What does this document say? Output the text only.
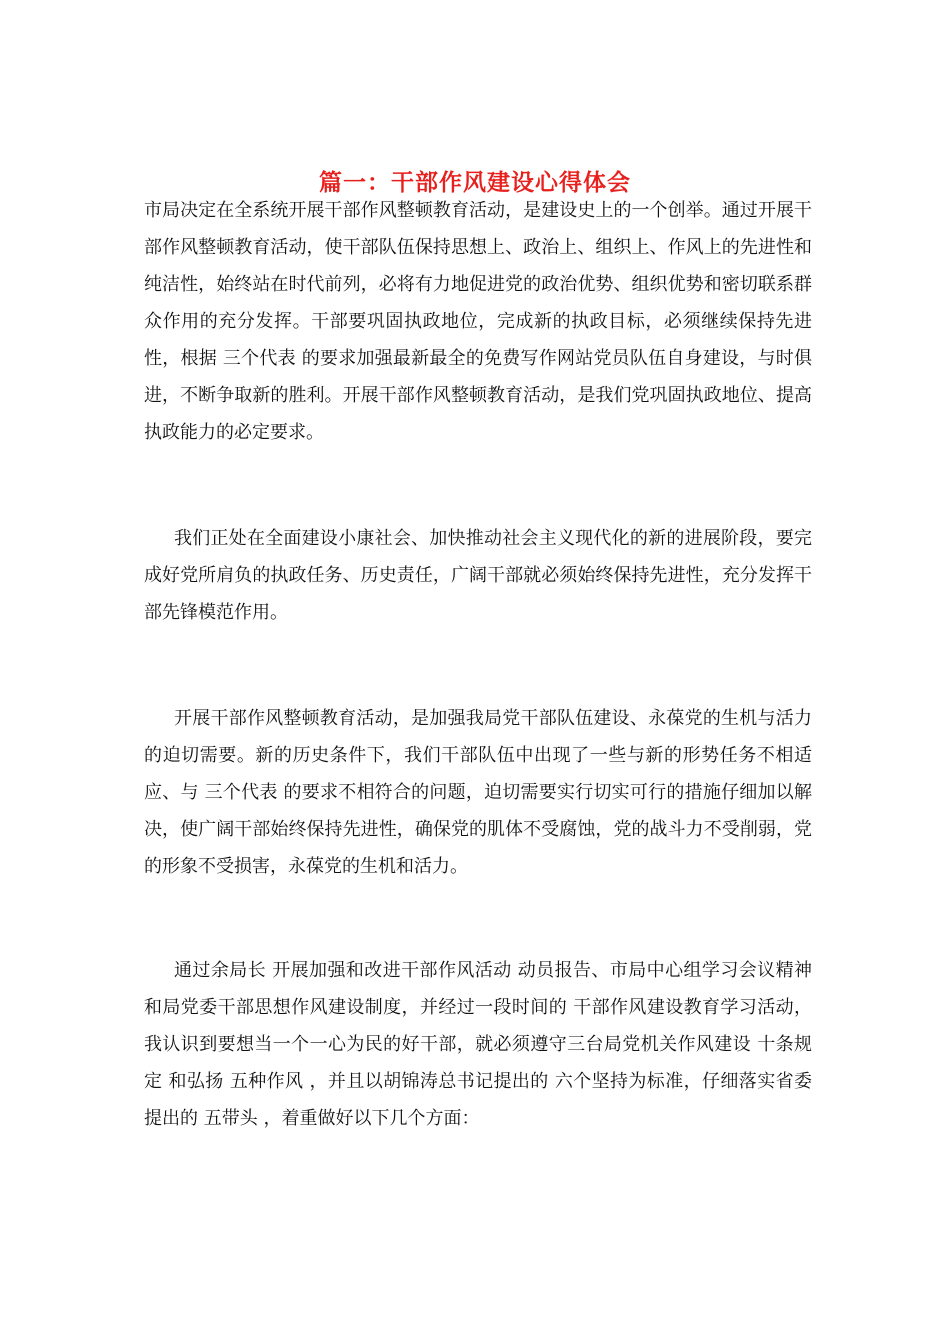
篇一：干部作风建设心得体会

市局决定在全系统开展干部作风整顿教育活动，是建设史上的一个创举。通过开展干部作风整顿教育活动，使干部队伍保持思想上、政治上、组织上、作风上的先进性和纯洁性，始终站在时代前列，必将有力地促进党的政治优势、组织优势和密切联系群众作用的充分发挥。干部要巩固执政地位，完成新的执政目标，必须继续保持先进性，根据 三个代表 的要求加强最新最全的免费写作网站党员队伍自身建设，与时俱进，不断争取新的胜利。开展干部作风整顿教育活动，是我们党巩固执政地位、提高执政能力的必定要求。

我们正处在全面建设小康社会、加快推动社会主义现代化的新的进展阶段，要完成好党所肩负的执政任务、历史责任，广阔干部就必须始终保持先进性，充分发挥干部先锋模范作用。

开展干部作风整顿教育活动，是加强我局党干部队伍建设、永葆党的生机与活力的迫切需要。新的历史条件下，我们干部队伍中出现了一些与新的形势任务不相适应、与 三个代表 的要求不相符合的问题，迫切需要实行切实可行的措施仔细加以解决，使广阔干部始终保持先进性，确保党的肌体不受腐蚀，党的战斗力不受削弱，党的形象不受损害，永葆党的生机和活力。

通过余局长 开展加强和改进干部作风活动 动员报告、市局中心组学习会议精神和局党委干部思想作风建设制度，并经过一段时间的 干部作风建设教育学习活动，我认识到要想当一个一心为民的好干部，就必须遵守三台局党机关作风建设 十条规定 和弘扬 五种作风 ，并且以胡锦涛总书记提出的 六个坚持为标准，仔细落实省委提出的 五带头 ，着重做好以下几个方面：
